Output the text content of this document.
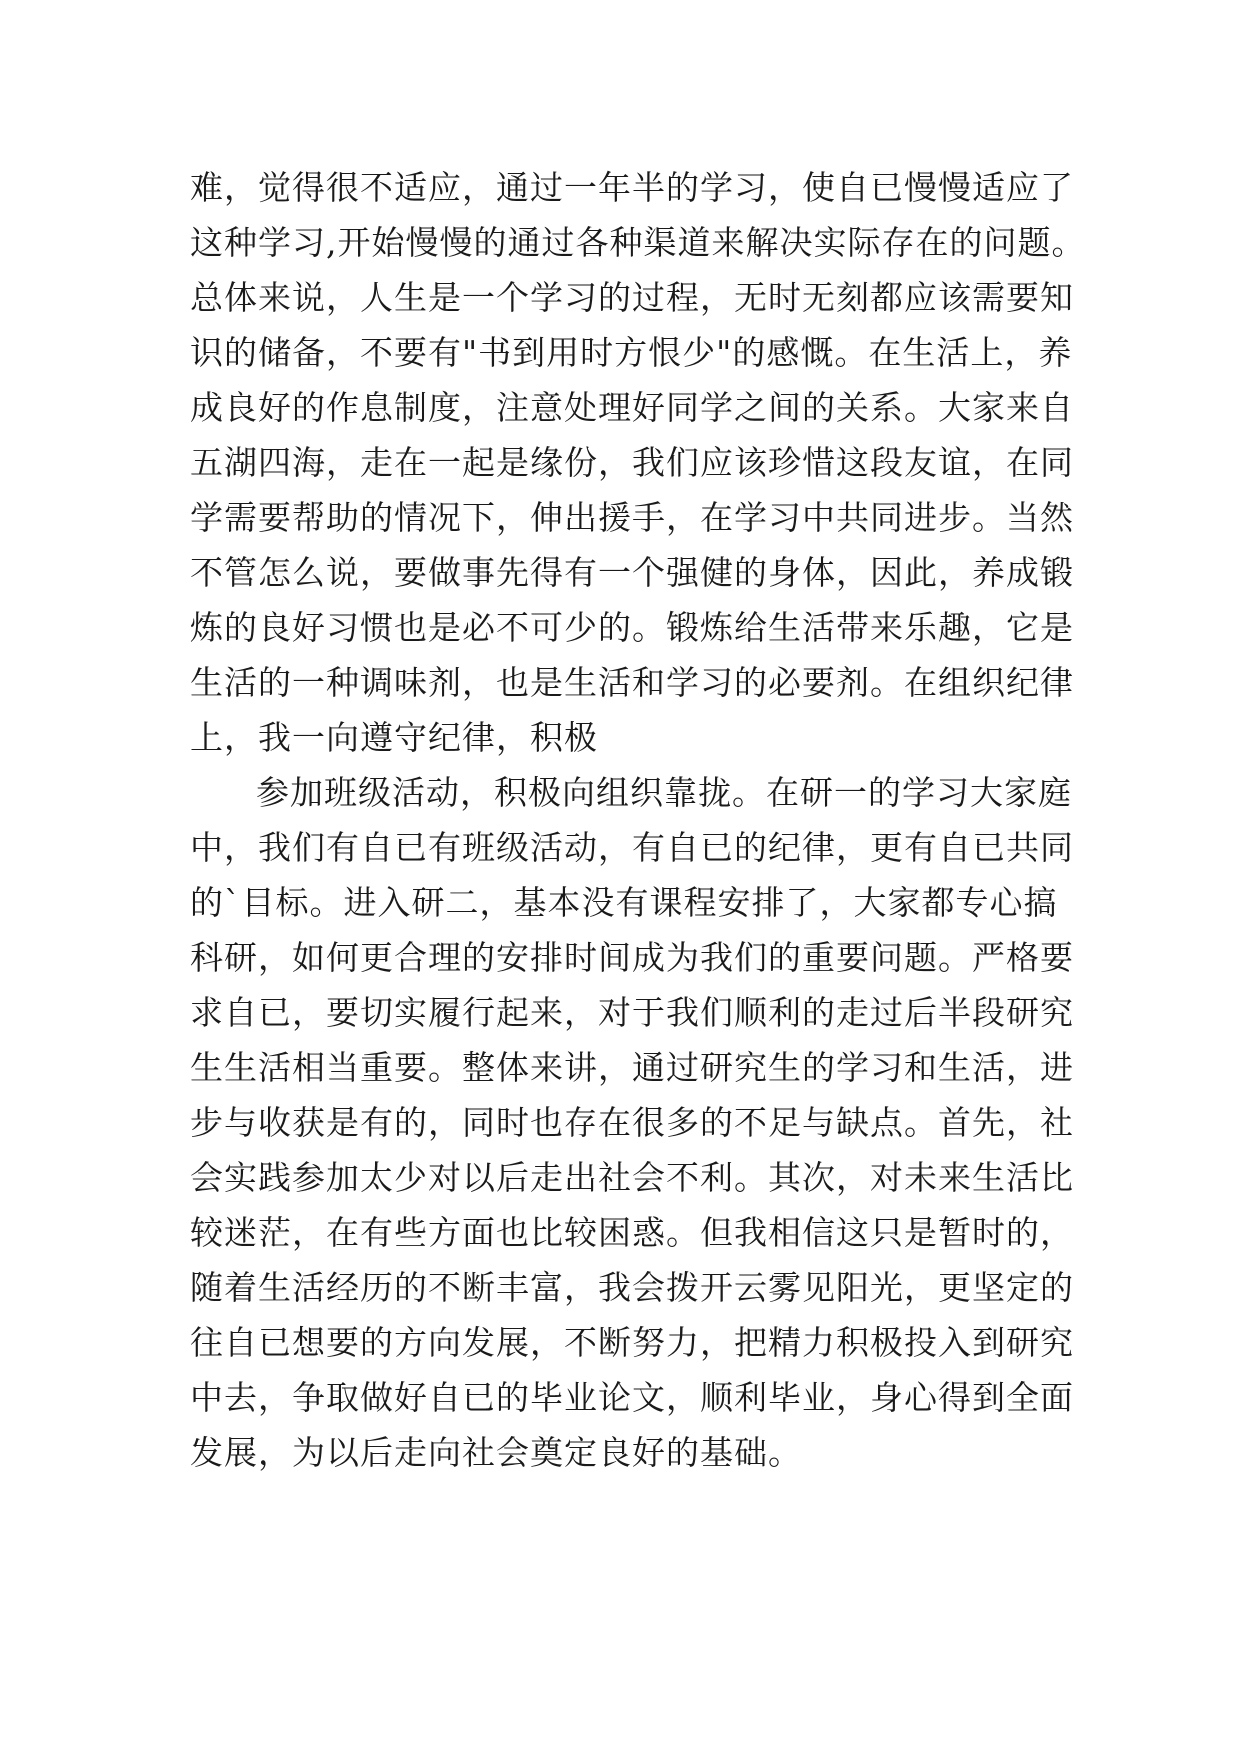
难，觉得很不适应，通过一年半的学习，使自已慢慢适应了
这种学习,开始慢慢的通过各种渠道来解决实际存在的问题。
总体来说，人生是一个学习的过程，无时无刻都应该需要知
识的储备，不要有"书到用时方恨少"的感慨。在生活上，养
成良好的作息制度，注意处理好同学之间的关系。大家来自
五湖四海，走在一起是缘份，我们应该珍惜这段友谊，在同
学需要帮助的情况下，伸出援手，在学习中共同进步。当然
不管怎么说，要做事先得有一个强健的身体，因此，养成锻
炼的良好习惯也是必不可少的。锻炼给生活带来乐趣，它是
生活的一种调味剂，也是生活和学习的必要剂。在组织纪律
上，我一向遵守纪律，积极
参加班级活动，积极向组织靠拢。在研一的学习大家庭
中，我们有自已有班级活动，有自已的纪律，更有自已共同
的`目标。进入研二，基本没有课程安排了，大家都专心搞
科研，如何更合理的安排时间成为我们的重要问题。严格要
求自已，要切实履行起来，对于我们顺利的走过后半段研究
生生活相当重要。整体来讲，通过研究生的学习和生活，进
步与收获是有的，同时也存在很多的不足与缺点。首先，社
会实践参加太少对以后走出社会不利。其次，对未来生活比
较迷茫，在有些方面也比较困惑。但我相信这只是暂时的，
随着生活经历的不断丰富，我会拨开云雾见阳光，更坚定的
往自已想要的方向发展，不断努力，把精力积极投入到研究
中去，争取做好自已的毕业论文，顺利毕业，身心得到全面
发展，为以后走向社会奠定良好的基础。
